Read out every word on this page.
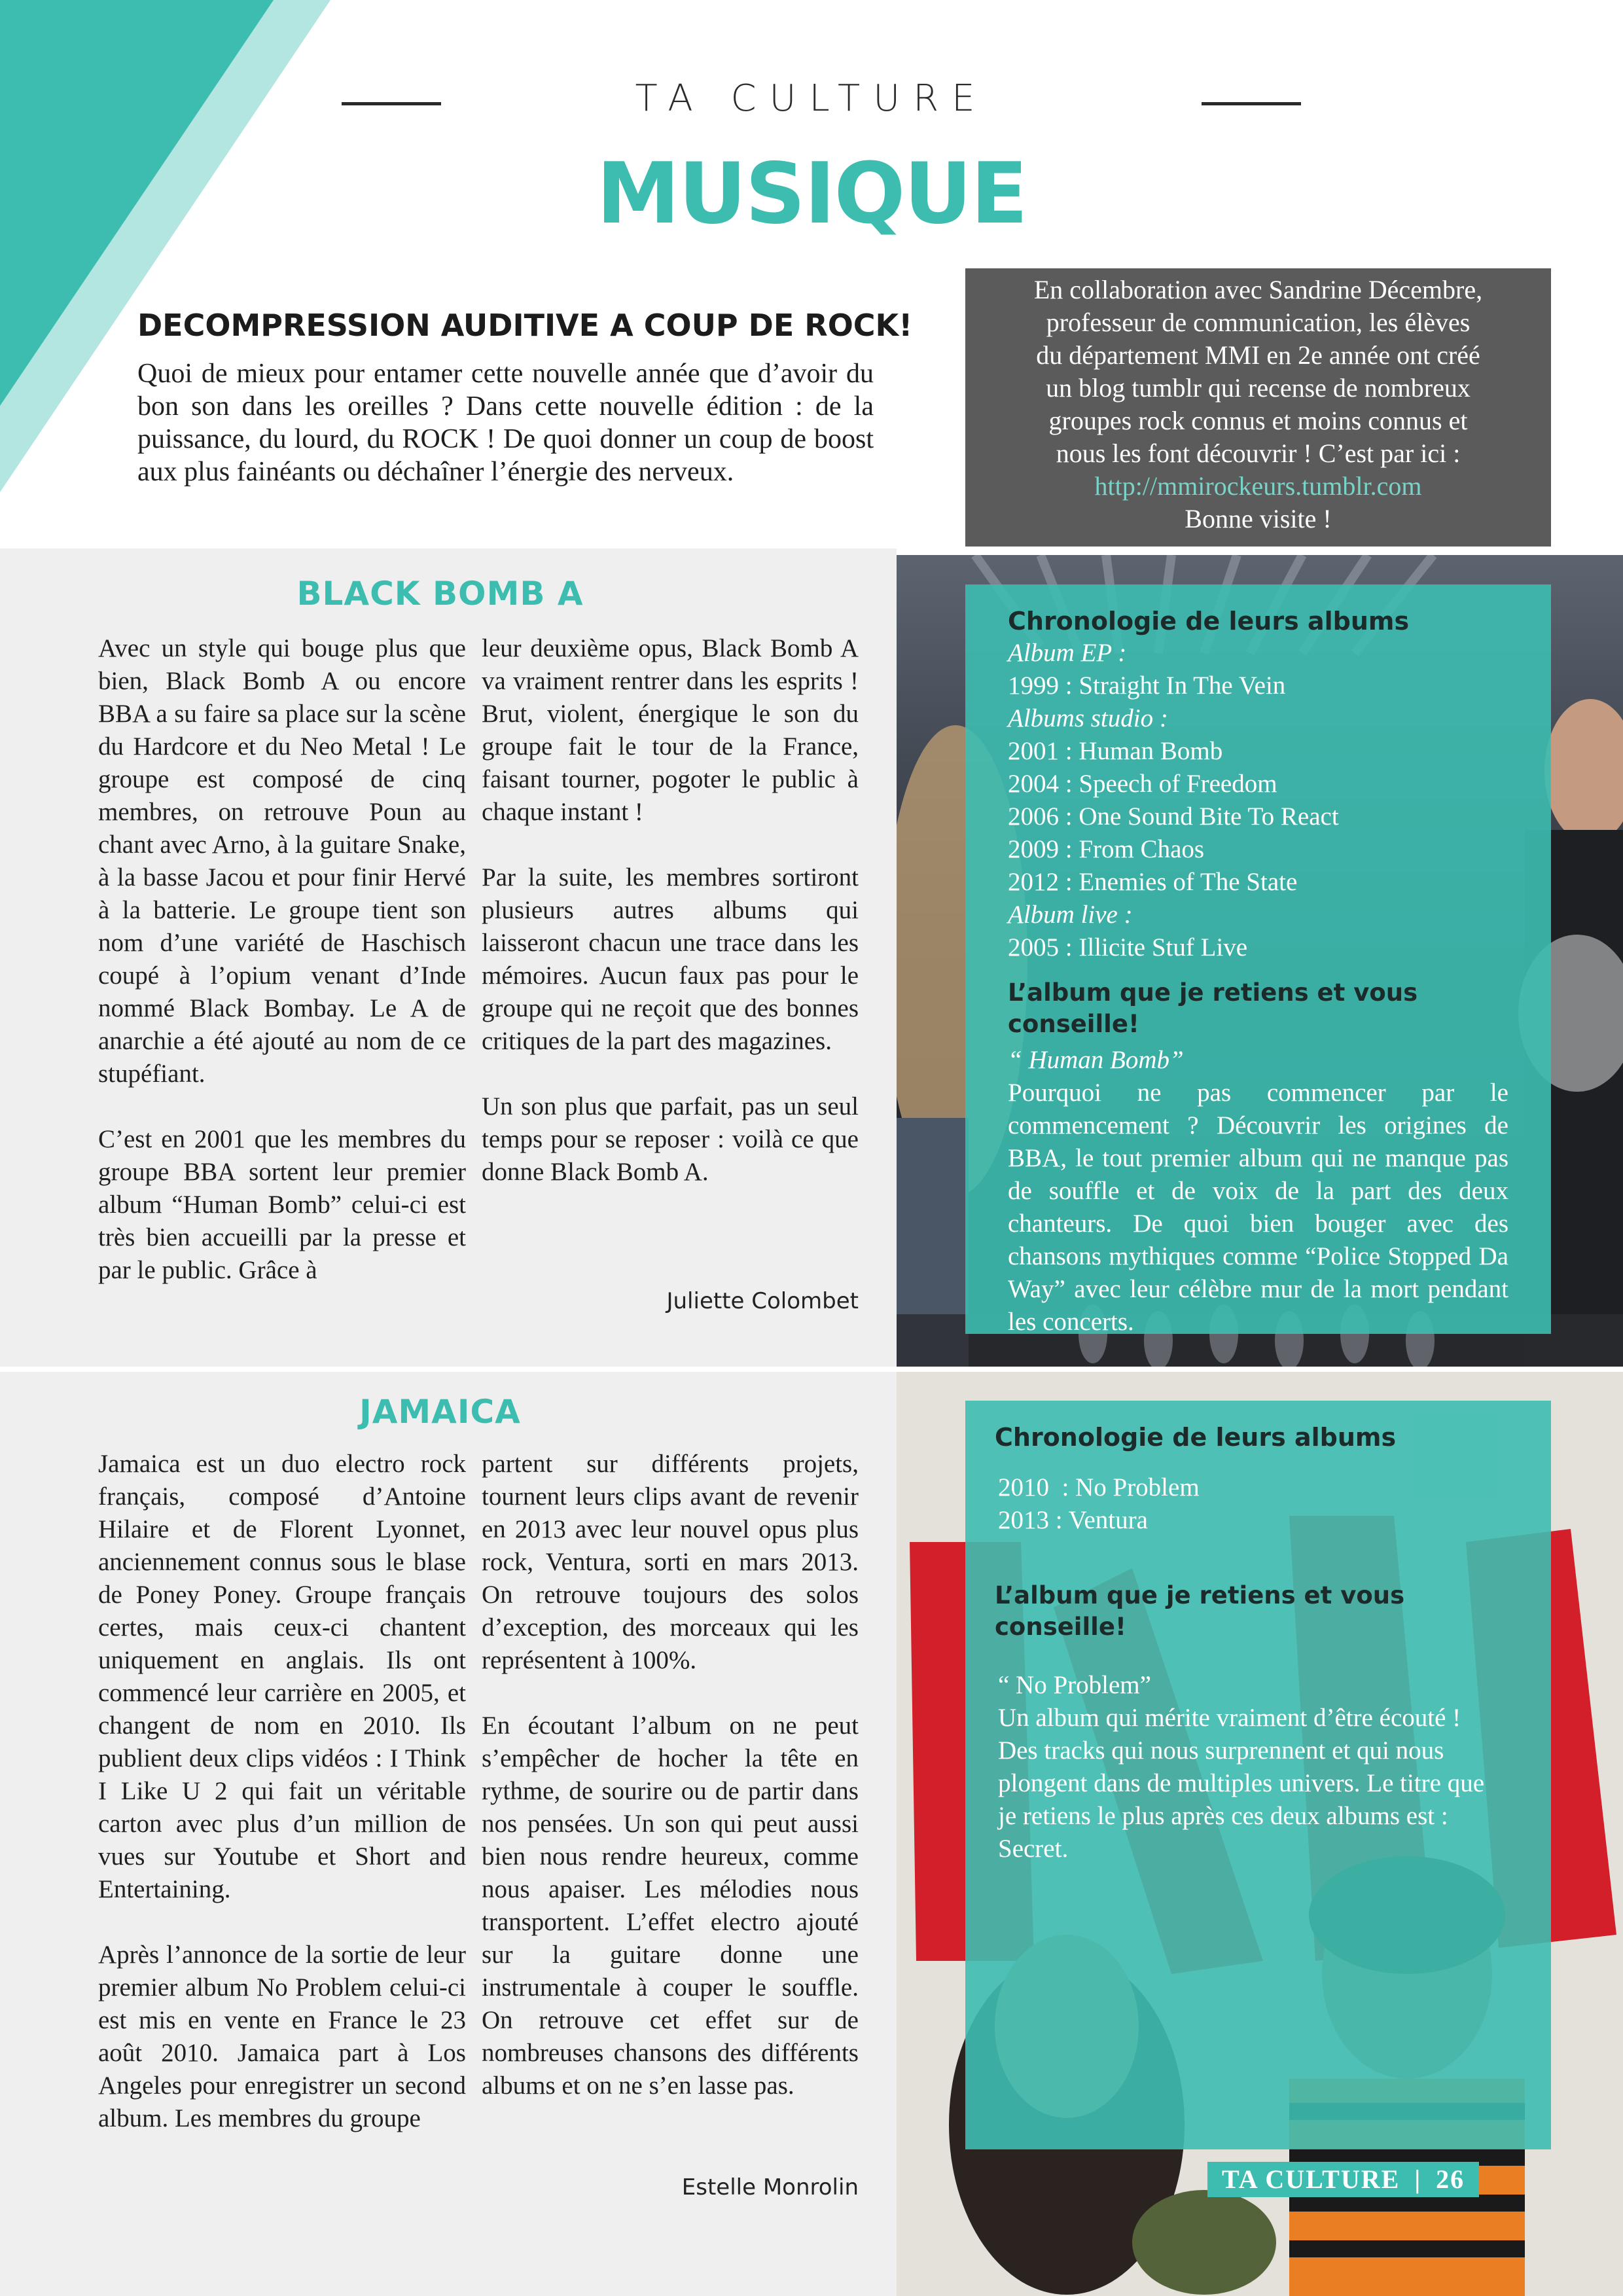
TA CULTURE
MUSIQUE
DECOMPRESSION AUDITIVE A COUP DE ROCK!
Quoi de mieux pour entamer cette nouvelle année que d’avoir du bon son dans les oreilles ? Dans cette nouvelle édition : de la puissance, du lourd, du ROCK ! De quoi donner un coup de boost aux plus fainéants ou déchaîner l’énergie des nerveux.
En collaboration avec Sandrine Décembre,
professeur de communication, les élèves
du département MMI en 2e année ont créé
un blog tumblr qui recense de nombreux
groupes rock connus et moins connus et
nous les font découvrir ! C’est par ici :
http://mmirockeurs.tumblr.com
Bonne visite !
BLACK BOMB A

Avec un style qui bouge plus que bien, Black Bomb A ou encore BBA a su faire sa place sur la scène du Hardcore et du Neo Metal ! Le groupe est composé de cinq membres, on retrouve Poun au chant avec Arno, à la guitare Snake, à la basse Jacou et pour finir Hervé à la batterie. Le groupe tient son nom d’une variété de Haschisch coupé à l’opium venant d’Inde nommé Black Bombay. Le A de anarchie a été ajouté au nom de ce stupéfiant.

C’est en 2001 que les membres du groupe BBA sortent leur premier album “Human Bomb” celui-ci est très bien accueilli par la presse et par le public. Grâce à

leur deuxième opus, Black Bomb A va vraiment rentrer dans les esprits ! Brut, violent, énergique le son du groupe fait le tour de la France, faisant tourner, pogoter le public à chaque instant !

Par la suite, les membres sortiront plusieurs autres albums qui laisseront chacun une trace dans les mémoires. Aucun faux pas pour le groupe qui ne reçoit que des bonnes critiques de la part des magazines.

Un son plus que parfait, pas un seul temps pour se reposer : voilà ce que donne Black Bomb A.

Juliette Colombet
Chronologie de leurs albums
Album EP :
1999 : Straight In The Vein
Albums studio :
2001 : Human Bomb
2004 : Speech of Freedom
2006 : One Sound Bite To React
2009 : From Chaos
2012 : Enemies of The State
Album live :
2005 : Illicite Stuf Live
L’album que je retiens et vous conseille!
“ Human Bomb”
Pourquoi ne pas commencer par le commencement ? Découvrir les origines de BBA, le tout premier album qui ne manque pas de souffle et de voix de la part des deux chanteurs. De quoi bien bouger avec des chansons mythiques comme “Police Stopped Da Way” avec leur célèbre mur de la mort pendant les concerts.
JAMAICA

Jamaica est un duo electro rock français, composé d’Antoine Hilaire et de Florent Lyonnet, anciennement connus sous le blase de Poney Poney. Groupe français certes, mais ceux-ci chantent uniquement en anglais. Ils ont commencé leur carrière en 2005, et changent de nom en 2010. Ils publient deux clips vidéos : I Think I Like U 2 qui fait un véritable carton avec plus d’un million de vues sur Youtube et Short and Entertaining.

Après l’annonce de la sortie de leur premier album No Problem celui-ci est mis en vente en France le 23 août 2010. Jamaica part à Los Angeles pour enregistrer un second album. Les membres du groupe

partent sur différents projets, tournent leurs clips avant de revenir en 2013 avec leur nouvel opus plus rock, Ventura, sorti en mars 2013. On retrouve toujours des solos d’exception, des morceaux qui les représentent à 100%.

En écoutant l’album on ne peut s’empêcher de hocher la tête en rythme, de sourire ou de partir dans nos pensées. Un son qui peut aussi bien nous rendre heureux, comme nous apaiser. Les mélodies nous transportent. L’effet electro ajouté sur la guitare donne une instrumentale à couper le souffle. On retrouve cet effet sur de nombreuses chansons des différents albums et on ne s’en lasse pas.

Estelle Monrolin
Chronologie de leurs albums
2010  : No Problem
2013 : Ventura
L’album que je retiens et vous conseille!
“ No Problem”
Un album qui mérite vraiment d’être écouté ! Des tracks qui nous surprennent et qui nous plongent dans de multiples univers. Le titre que je retiens le plus après ces deux albums est : Secret.
TA CULTURE | 26
